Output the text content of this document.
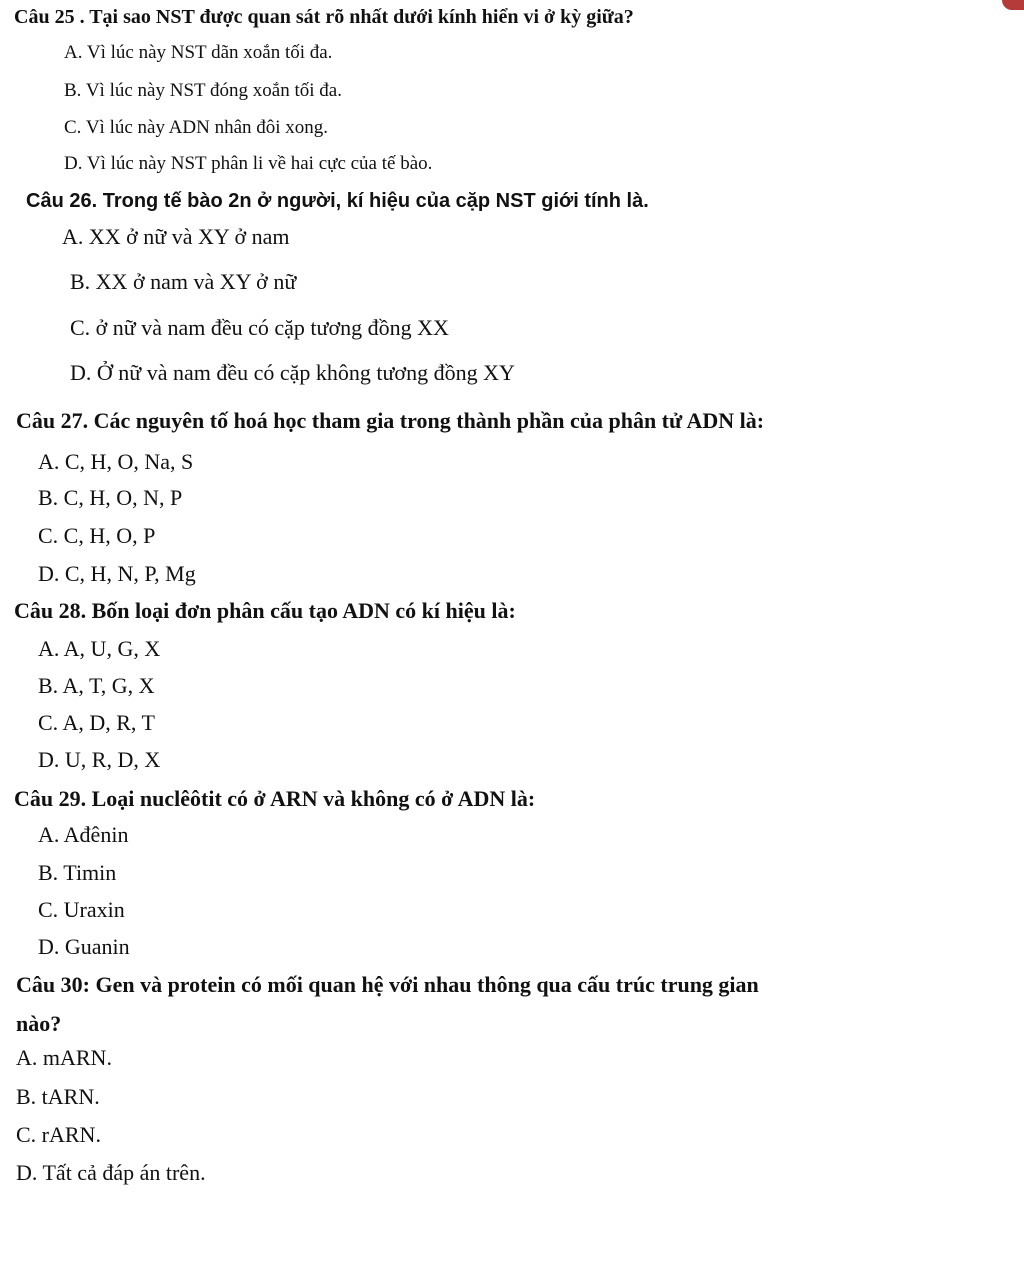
Câu 25 . Tại sao NST được quan sát rõ nhất dưới kính hiển vi ở kỳ giữa?
A. Vì lúc này NST dãn xoắn tối đa.
B. Vì lúc này NST đóng xoắn tối đa.
C. Vì lúc này ADN nhân đôi xong.
D. Vì lúc này NST phân li về hai cực của tế bào.
Câu 26. Trong tế bào 2n ở người, kí hiệu của cặp NST giới tính là.
A. XX ở nữ và XY ở nam
B. XX ở nam và XY ở nữ
C. ở nữ và nam đều có cặp tương đồng XX
D. Ở nữ và nam đều có cặp không tương đồng XY
Câu 27. Các nguyên tố hoá học tham gia trong thành phần của phân tử ADN là:
A. C, H, O, Na, S
B. C, H, O, N, P
C. C, H, O, P
D. C, H, N, P, Mg
Câu 28. Bốn loại đơn phân cấu tạo ADN có kí hiệu là:
A. A, U, G, X
B. A, T, G, X
C. A, D, R, T
D. U, R, D, X
Câu 29. Loại nuclêôtit có ở ARN và không có ở ADN là:
A. Ađênin
B. Timin
C. Uraxin
D. Guanin
Câu 30: Gen và protein có mối quan hệ với nhau thông qua cấu trúc trung gian
nào?
A. mARN.
B. tARN.
C. rARN.
D. Tất cả đáp án trên.
